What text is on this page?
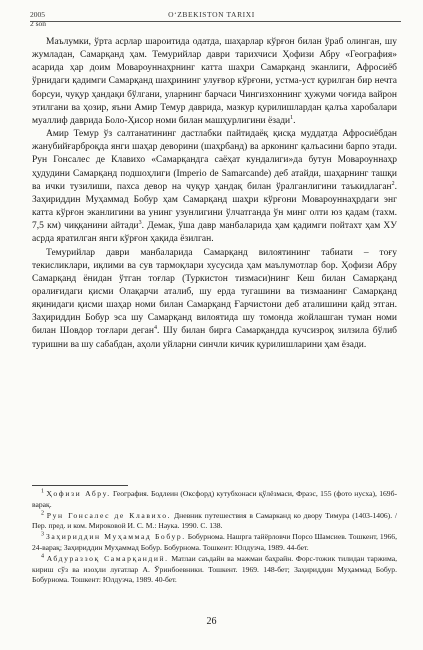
2005
2 son
O‘ZBEKISTON TARIXI

Маълумки, ўрта асрлар шароитида одатда, шаҳарлар кўрғон билан ўраб олинган, шу жумладан, Самарқанд ҳам. Темурийлар даври тарихчиси Ҳофизи Абру «География» асарида ҳар доим Мовароуннаҳрнинг катта шаҳри Самарқанд эканлиги, Афросиёб ўрнидаги қадимги Самарқанд шаҳрининг улуғвор кўрғони, устма-уст қурилган бир нечта борсуи, чуқур ҳандақи бўлгани, уларнинг барчаси Чингизхоннинг ҳужуми чоғида вайрон этилгани ва ҳозир, яъни Амир Темур даврида, мазкур қурилишлардан қалъа харобалари муаллиф даврида Боло-Ҳисор номи билан машҳурлигини ёзади$^1$.

Амир Темур ўз салтанатининг дастлабки пайтидаёқ қисқа муддатда Афросиёбдан жанубийғарброқда янги шаҳар деворини (шаҳрбанд) ва арконинг қалъасини барпо этади. Рун Гонсалес де Клавихо «Самарқандга саёҳат кундалиги»да бутун Мовароуннаҳр ҳудудини Самарқанд подшоҳлиги (Imperio de Samarcande) деб атайди, шаҳарнинг ташқи ва ички тузилиши, пахса девор на чуқур ҳандақ билан ўралганлигини таъкидлаган$^2$. Заҳириддин Муҳаммад Бобур ҳам Самарқанд шаҳри кўрғони Мовароуннаҳрдаги энг катта кўрғон эканлигини ва унинг узунлигини ўлчатганда ўн минг олти юз қадам (тахм. 7,5 км) чиққанини айтади$^3$. Демак, ўша давр манбаларида ҳам қадимги пойтахт ҳам ХУ асрда яратилган янги кўрғон ҳақида ёзилган.

Темурийлар даври манбаларида Самарқанд вилоятининг табиати – тоғу текисликлари, иқлими ва сув тармоқлари хусусида ҳам маълумотлар бор. Ҳофизи Абру Самарқанд ёнидан ўтган тоғлар (Туркистон тизмаси)нинг Кеш билан Самарқанд оралиғидаги қисми Олақарчи аталиб, шу ерда тугашини ва тизмаанинг Самарқанд яқинидаги қисми шаҳар номи билан Самарқанд Ғарчистони деб аталишини қайд этган. Заҳириддин Бобур эса шу Самарқанд вилоятида шу томонда жойлашган туман номи билан Шовдор тоғлари деган$^4$. Шу билан бирга Самарқандда кучсизроқ зилзила бўлиб туришни ва шу сабабдан, аҳоли уйларни синчли кичик қурилишларини ҳам ёзади.

$^1$ Ҳофизи Абру. География. Бодлеин (Оксфорд) кутубхонаси қўлёзмаси, Фраэс, 155 (фото нусха), 169б-варақ.

$^2$ Рун Гонсалес де Клавихо. Дневник путешествия в Самарканд ко двору Тимура (1403-1406). / Пер. пред. и ком. Мироковой И. С. М.: Наука. 1990. С. 138.

$^3$ Заҳириддин Муҳаммад Бобур. Бобурнома. Нашрга тайёрловчи Порсо Шамсиев. Тошкент, 1966, 24-варақ; Заҳириддин Муҳаммад Бобур. Бобурнома. Тошкент: Юлдузча, 1989. 44-бет.

$^4$ Абдураззоқ Самарқандий. Матлаи саъдайн ва мажмаи баҳрайн. Форс-тожик тилидан таржима, кириш сўз ва изоҳли луғатлар А. Ўринбоевники. Тошкент. 1969. 148-бет; Заҳириддин Муҳаммад Бобур. Бобурнома. Тошкент: Юлдузча, 1989. 40-бет.

26
